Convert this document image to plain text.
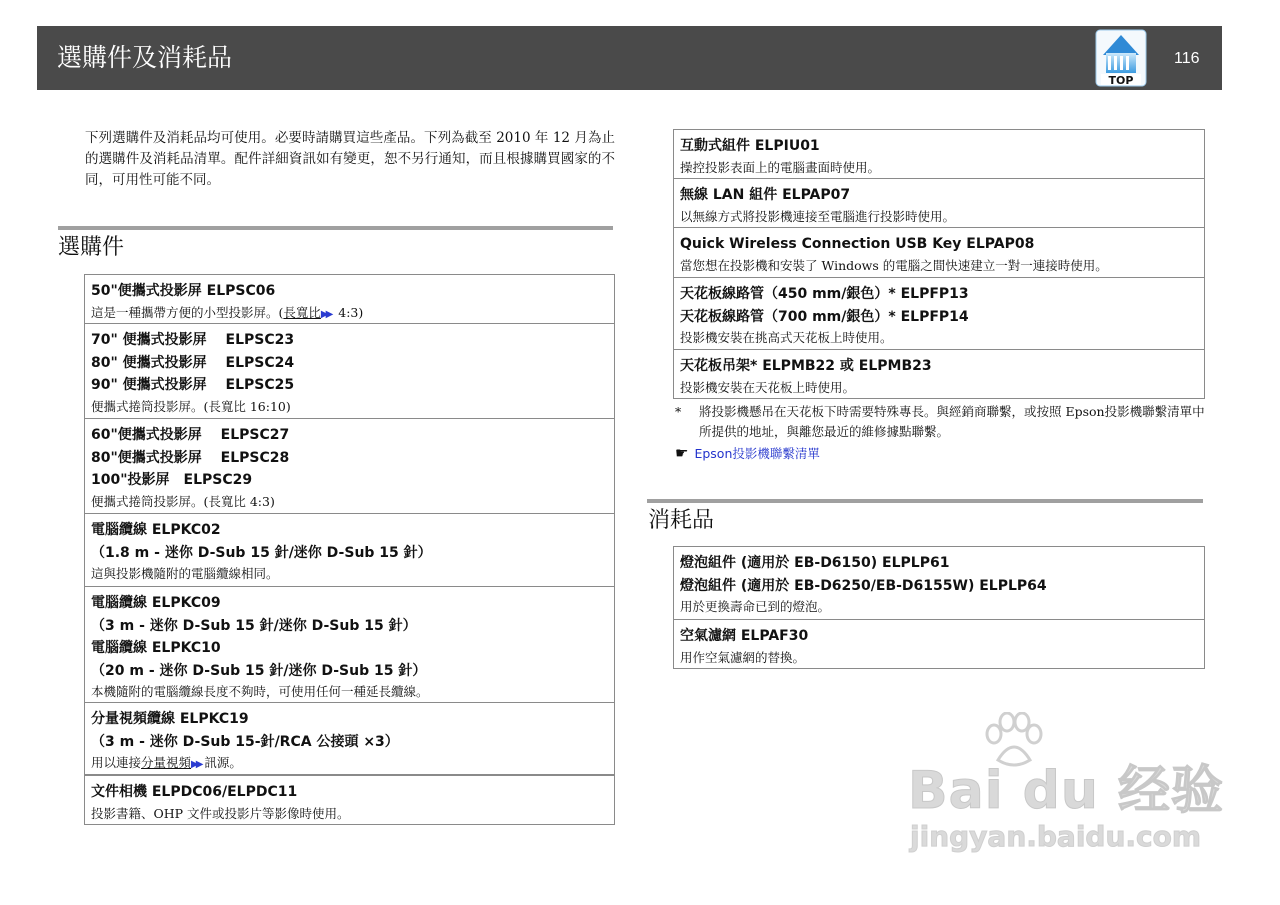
選購件及消耗品
TOP
116

下列選購件及消耗品均可使用。必要時請購買這些產品。下列為截至 2010 年 12 月為止的選購件及消耗品清單。配件詳細資訊如有變更，恕不另行通知，而且根據購買國家的不同，可用性可能不同。

選購件
50"便攜式投影屏 ELPSC06
這是一種攜帶方便的小型投影屏。(長寬比▶▶ 4:3)
70" 便攜式投影屏　 ELPSC23
80" 便攜式投影屏　 ELPSC24
90" 便攜式投影屏　 ELPSC25
便攜式捲筒投影屏。(長寬比 16:10)
60"便攜式投影屏　 ELPSC27
80"便攜式投影屏　 ELPSC28
100"投影屏　ELPSC29
便攜式捲筒投影屏。(長寬比 4:3)
電腦纜線 ELPKC02
（1.8 m - 迷你 D-Sub 15 針/迷你 D-Sub 15 針）
這與投影機隨附的電腦纜線相同。
電腦纜線 ELPKC09
（3 m - 迷你 D-Sub 15 針/迷你 D-Sub 15 針）
電腦纜線 ELPKC10
（20 m - 迷你 D-Sub 15 針/迷你 D-Sub 15 針）
本機隨附的電腦纜線長度不夠時，可使用任何一種延長纜線。
分量視頻纜線 ELPKC19
（3 m - 迷你 D-Sub 15-針/RCA 公接頭 ×3）
用以連接分量視頻▶▶ 訊源。
文件相機 ELPDC06/ELPDC11
投影書籍、OHP 文件或投影片等影像時使用。
互動式組件 ELPIU01
操控投影表面上的電腦畫面時使用。
無線 LAN 組件 ELPAP07
以無線方式將投影機連接至電腦進行投影時使用。
Quick Wireless Connection USB Key ELPAP08
當您想在投影機和安裝了 Windows 的電腦之間快速建立一對一連接時使用。
天花板線路管（450 mm/銀色）* ELPFP13
天花板線路管（700 mm/銀色）* ELPFP14
投影機安裝在挑高式天花板上時使用。
天花板吊架* ELPMB22 或 ELPMB23
投影機安裝在天花板上時使用。
* 將投影機懸吊在天花板下時需要特殊專長。與經銷商聯繫，或按照 Epson投影機聯繫清單中所提供的地址，與離您最近的維修據點聯繫。
☛ Epson投影機聯繫清單
消耗品
燈泡組件 (適用於 EB-D6150) ELPLP61
燈泡組件 (適用於 EB-D6250/EB-D6155W) ELPLP64
用於更換壽命已到的燈泡。
空氣濾網 ELPAF30
用作空氣濾網的替換。
Bai du 经验
jingyan.baidu.com
